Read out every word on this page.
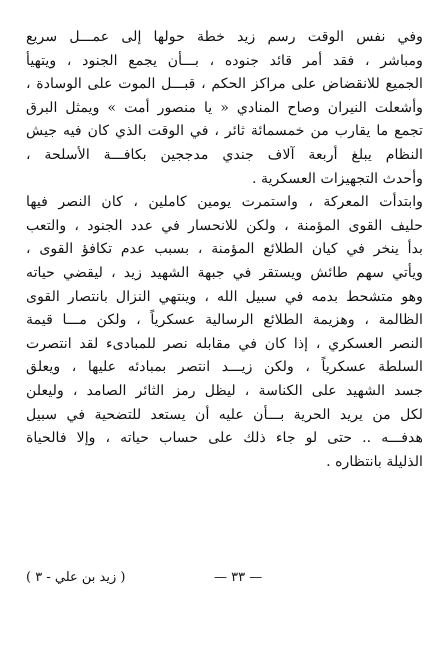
وفي نفس الوقت رسم زيد خطة حولها إلى عمـــل سريع
ومباشر ، فقد أمر قائد جنوده ، بـــأن يجمع الجنود ، ويتهيأ
الجميع للانقضاض على مراكز الحكم ، قبـــل الموت على الوسادة ،
وأشعلت النيران وصاح المنادي « يا منصور أمت » ويمثل البرق
تجمع ما يقارب من خمسمائة ثائر ، في الوقت الذي كان فيه جيش
النظام يبلغ أربعة آلاف جندي مدججين بكافـــة الأسلحة ،
وأحدث التجهيزات العسكرية .
وابتدأت المعركة ، واستمرت يومين كاملين ، كان النصر فيها
حليف القوى المؤمنة ، ولكن للانحسار في عدد الجنود ، والتعب
بدأ ينخر في كيان الطلائع المؤمنة ، بسبب عدم تكافؤ القوى ،
ويأتي سهم طائش ويستقر في جبهة الشهيد زيد ، ليقضي حياته
وهو متشحط بدمه في سبيل الله ، وينتهي النزال بانتصار القوى
الظالمة ، وهزيمة الطلائع الرسالية عسكرياً ، ولكن مـــا قيمة
النصر العسكري ، إذا كان في مقابله نصر للمبادىء لقد انتصرت
السلطة عسكرياً ، ولكن زيـــد انتصر بمبادئه عليها ، ويعلق
جسد الشهيد على الكناسة ، ليظل رمز الثائر الصامد ، وليعلن
لكل من يريد الحرية بـــأن عليه أن يستعد للتضحية في سبيل
هدفـــه .. حتى لو جاء ذلك على حساب حياته ، وإلا فالحياة
الذليلة بانتظاره .
( زيد بن علي - ٣ )	— ٣٣ —
